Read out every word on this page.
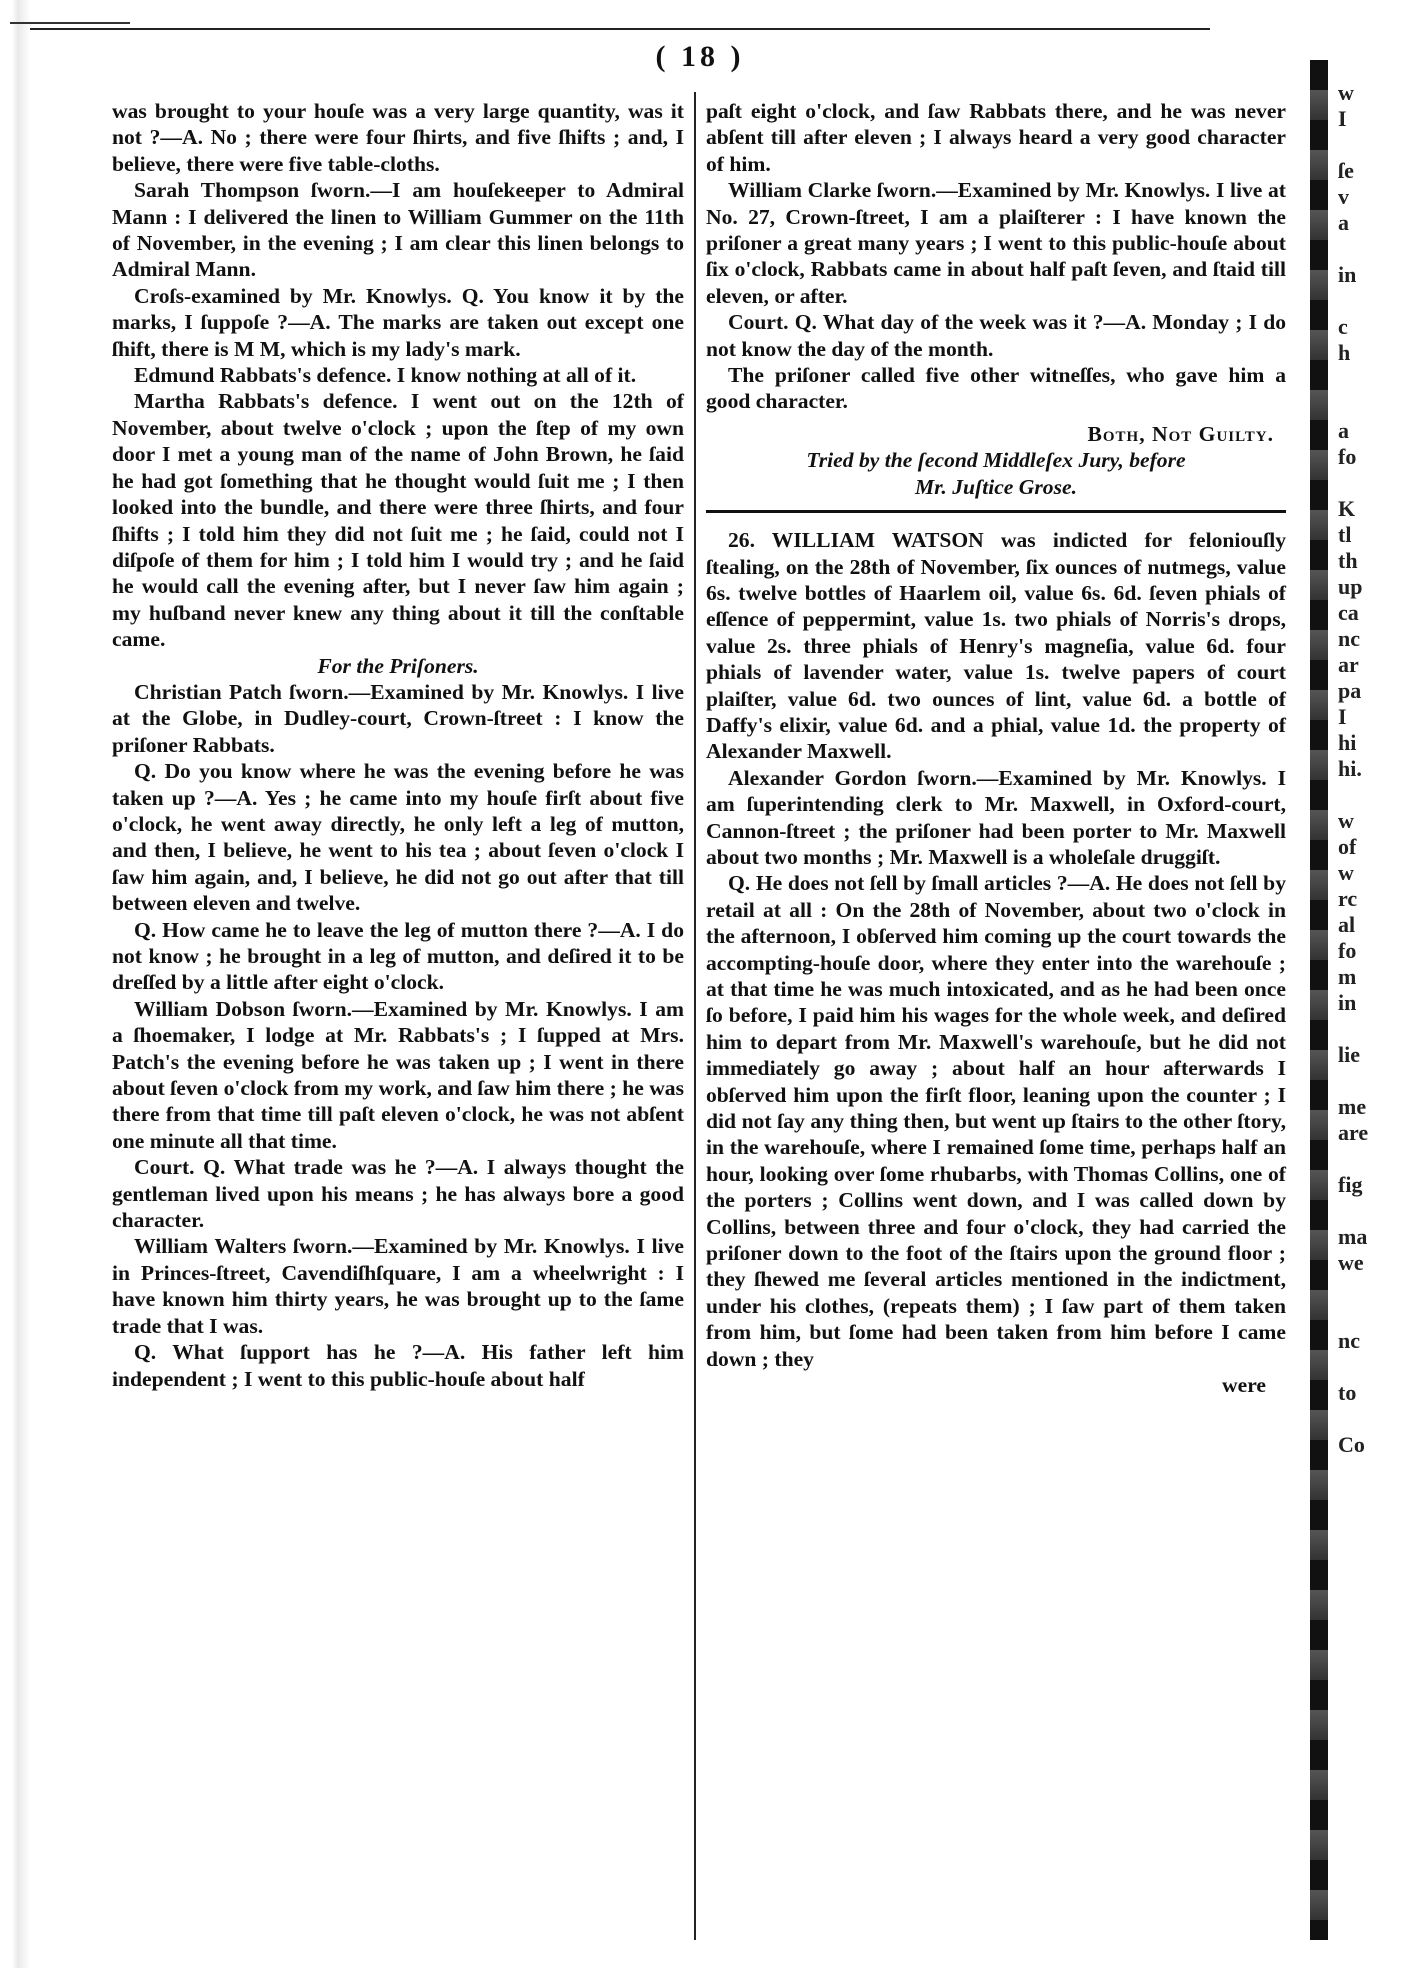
( 18 )

was brought to your houſe was a very large quantity, was it not ?—A. No ; there were four ſhirts, and five ſhifts ; and, I believe, there were five table-cloths.

Sarah Thompson ſworn.—I am houſekeeper to Admiral Mann : I delivered the linen to William Gummer on the 11th of November, in the evening ; I am clear this linen belongs to Admiral Mann.

Croſs-examined by Mr. Knowlys. Q. You know it by the marks, I ſuppoſe ?—A. The marks are taken out except one ſhift, there is M M, which is my lady's mark.

Edmund Rabbats's defence. I know nothing at all of it.

Martha Rabbats's defence. I went out on the 12th of November, about twelve o'clock ; upon the ſtep of my own door I met a young man of the name of John Brown, he ſaid he had got ſomething that he thought would ſuit me ; I then looked into the bundle, and there were three ſhirts, and four ſhifts ; I told him they did not ſuit me ; he ſaid, could not I diſpoſe of them for him ; I told him I would try ; and he ſaid he would call the evening after, but I never ſaw him again ; my huſband never knew any thing about it till the conſtable came.

For the Priſoners.

Christian Patch ſworn.—Examined by Mr. Knowlys. I live at the Globe, in Dudley-court, Crown-ſtreet : I know the priſoner Rabbats.

Q. Do you know where he was the evening before he was taken up ?—A. Yes ; he came into my houſe firſt about five o'clock, he went away directly, he only left a leg of mutton, and then, I believe, he went to his tea ; about ſeven o'clock I ſaw him again, and, I believe, he did not go out after that till between eleven and twelve.

Q. How came he to leave the leg of mutton there ?—A. I do not know ; he brought in a leg of mutton, and deſired it to be dreſſed by a little after eight o'clock.

William Dobson ſworn.—Examined by Mr. Knowlys. I am a ſhoemaker, I lodge at Mr. Rabbats's ; I ſupped at Mrs. Patch's the evening before he was taken up ; I went in there about ſeven o'clock from my work, and ſaw him there ; he was there from that time till paſt eleven o'clock, he was not abſent one minute all that time.

Court. Q. What trade was he ?—A. I always thought the gentleman lived upon his means ; he has always bore a good character.

William Walters ſworn.—Examined by Mr. Knowlys. I live in Princes-ſtreet, Cavendiſhſquare, I am a wheelwright : I have known him thirty years, he was brought up to the ſame trade that I was.

Q. What ſupport has he ?—A. His father left him independent ; I went to this public-houſe about half

paſt eight o'clock, and ſaw Rabbats there, and he was never abſent till after eleven ; I always heard a very good character of him.

William Clarke ſworn.—Examined by Mr. Knowlys. I live at No. 27, Crown-ſtreet, I am a plaiſterer : I have known the priſoner a great many years ; I went to this public-houſe about ſix o'clock, Rabbats came in about half paſt ſeven, and ſtaid till eleven, or after.

Court. Q. What day of the week was it ?—A. Monday ; I do not know the day of the month.

The priſoner called five other witneſſes, who gave him a good character.

Both, Not Guilty.

Tried by the ſecond Middleſex Jury, before

Mr. Juſtice Grose.

26. WILLIAM WATSON was indicted for feloniouſly ſtealing, on the 28th of November, ſix ounces of nutmegs, value 6s. twelve bottles of Haarlem oil, value 6s. 6d. ſeven phials of eſſence of peppermint, value 1s. two phials of Norris's drops, value 2s. three phials of Henry's magneſia, value 6d. four phials of lavender water, value 1s. twelve papers of court plaiſter, value 6d. two ounces of lint, value 6d. a bottle of Daffy's elixir, value 6d. and a phial, value 1d. the property of Alexander Maxwell.

Alexander Gordon ſworn.—Examined by Mr. Knowlys. I am ſuperintending clerk to Mr. Maxwell, in Oxford-court, Cannon-ſtreet ; the priſoner had been porter to Mr. Maxwell about two months ; Mr. Maxwell is a wholeſale druggiſt.

Q. He does not ſell by ſmall articles ?—A. He does not ſell by retail at all : On the 28th of November, about two o'clock in the afternoon, I obſerved him coming up the court towards the accompting-houſe door, where they enter into the warehouſe ; at that time he was much intoxicated, and as he had been once ſo before, I paid him his wages for the whole week, and deſired him to depart from Mr. Maxwell's warehouſe, but he did not immediately go away ; about half an hour afterwards I obſerved him upon the firſt floor, leaning upon the counter ; I did not ſay any thing then, but went up ſtairs to the other ſtory, in the warehouſe, where I remained ſome time, perhaps half an hour, looking over ſome rhubarbs, with Thomas Collins, one of the porters ; Collins went down, and I was called down by Collins, between three and four o'clock, they had carried the priſoner down to the foot of the ſtairs upon the ground floor ; they ſhewed me ſeveral articles mentioned in the indictment, under his clothes, (repeats them) ; I ſaw part of them taken from him, but ſome had been taken from him before I came down ; they

were
w
I
ſe
v
a
in
c
h
a
fo
K
tl
th
up
ca
nc
ar
pa
I
hi
hi.
w
of
w
rc
al
fo
m
in
lie
me
are
fig
ma
we
nc
to
Co
